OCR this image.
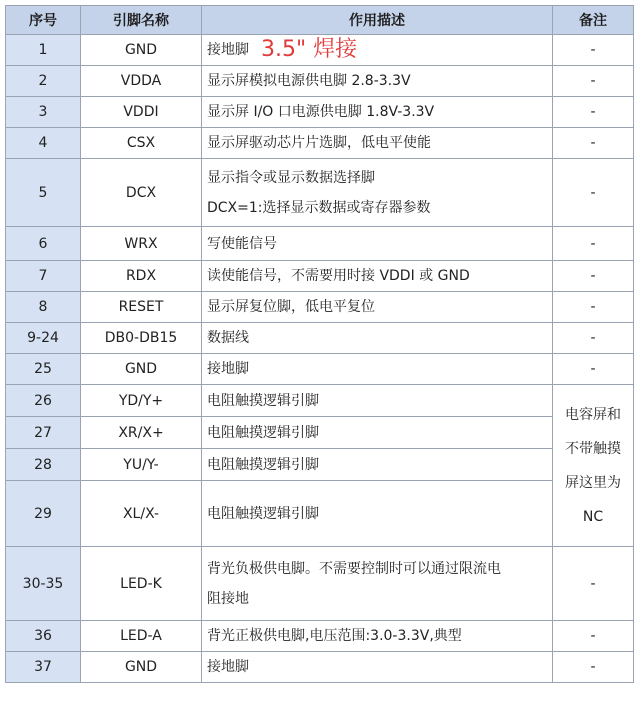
序号	引脚名称	作用描述	备注
1	GND	接地脚 3.5" 焊接	-
2	VDDA	显示屏模拟电源供电脚 2.8-3.3V	-
3	VDDI	显示屏 I/O 口电源供电脚 1.8V-3.3V	-
4	CSX	显示屏驱动芯片片选脚，低电平使能	-
5	DCX	显示指令或显示数据选择脚
DCX=1:选择显示数据或寄存器参数	-
6	WRX	写使能信号	-
7	RDX	读使能信号，不需要用时接 VDDI 或 GND	-
8	RESET	显示屏复位脚，低电平复位	-
9-24	DB0-DB15	数据线	-
25	GND	接地脚	-
26	YD/Y+	电阻触摸逻辑引脚	电容屏和
不带触摸
屏这里为
NC

27	XR/X+	电阻触摸逻辑引脚	
28	YU/Y-	电阻触摸逻辑引脚	
29	XL/X-	电阻触摸逻辑引脚	
30-35	LED-K	背光负极供电脚。不需要控制时可以通过限流电
阻接地	-
36	LED-A	背光正极供电脚,电压范围:3.0-3.3V,典型	-
37	GND	接地脚	-
